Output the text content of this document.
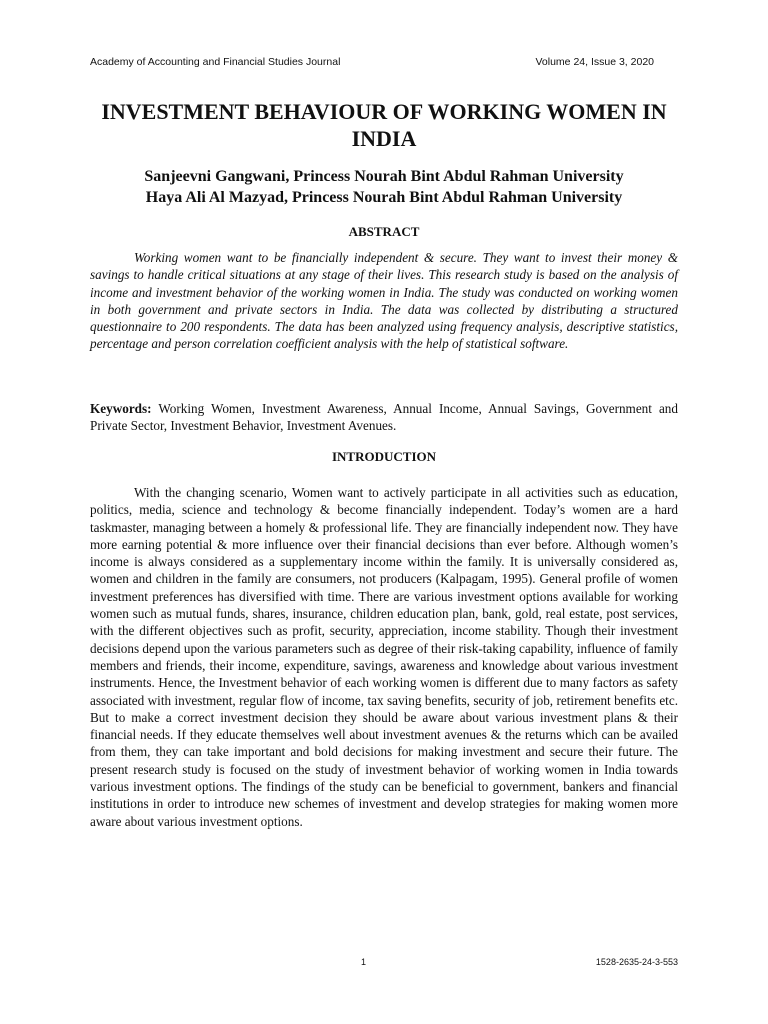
Academy of Accounting and Financial Studies Journal	Volume 24, Issue 3, 2020
INVESTMENT BEHAVIOUR OF WORKING WOMEN IN INDIA
Sanjeevni Gangwani, Princess Nourah Bint Abdul Rahman University
Haya Ali Al Mazyad, Princess Nourah Bint Abdul Rahman University
ABSTRACT

Working women want to be financially independent & secure. They want to invest their money & savings to handle critical situations at any stage of their lives. This research study is based on the analysis of income and investment behavior of the working women in India. The study was conducted on working women in both government and private sectors in India. The data was collected by distributing a structured questionnaire to 200 respondents. The data has been analyzed using frequency analysis, descriptive statistics, percentage and person correlation coefficient analysis with the help of statistical software.

Keywords: Working Women, Investment Awareness, Annual Income, Annual Savings, Government and Private Sector, Investment Behavior, Investment Avenues.

INTRODUCTION

With the changing scenario, Women want to actively participate in all activities such as education, politics, media, science and technology & become financially independent. Today’s women are a hard taskmaster, managing between a homely & professional life. They are financially independent now. They have more earning potential & more influence over their financial decisions than ever before. Although women’s income is always considered as a supplementary income within the family. It is universally considered as, women and children in the family are consumers, not producers (Kalpagam, 1995). General profile of women investment preferences has diversified with time. There are various investment options available for working women such as mutual funds, shares, insurance, children education plan, bank, gold, real estate, post services, with the different objectives such as profit, security, appreciation, income stability. Though their investment decisions depend upon the various parameters such as degree of their risk-taking capability, influence of family members and friends, their income, expenditure, savings, awareness and knowledge about various investment instruments. Hence, the Investment behavior of each working women is different due to many factors as safety associated with investment, regular flow of income, tax saving benefits, security of job, retirement benefits etc. But to make a correct investment decision they should be aware about various investment plans & their financial needs. If they educate themselves well about investment avenues & the returns which can be availed from them, they can take important and bold decisions for making investment and secure their future. The present research study is focused on the study of investment behavior of working women in India towards various investment options. The findings of the study can be beneficial to government, bankers and financial institutions in order to introduce new schemes of investment and develop strategies for making women more aware about various investment options.

1	1528-2635-24-3-553
